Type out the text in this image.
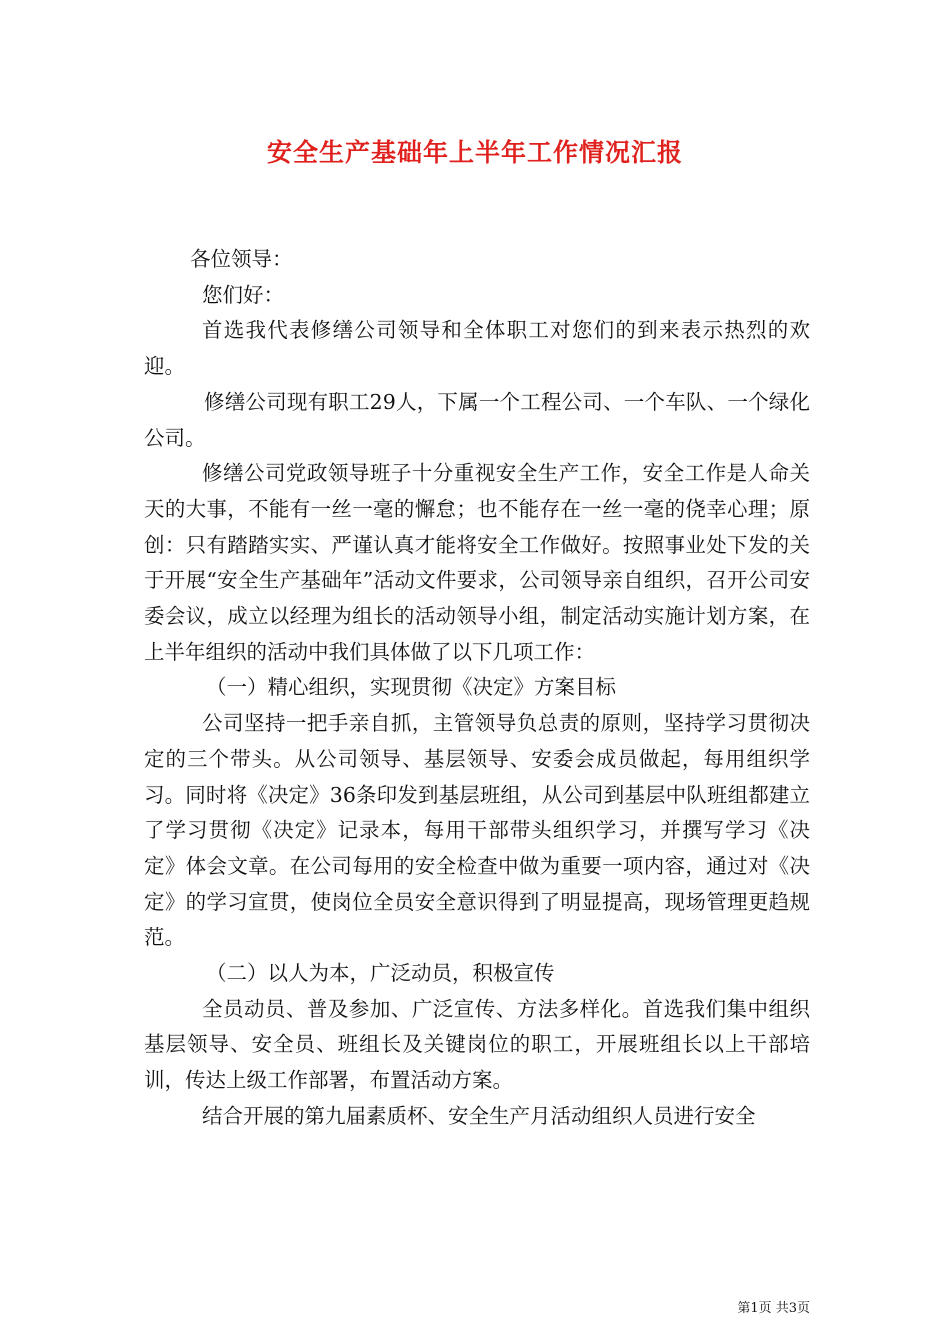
安全生产基础年上半年工作情况汇报

各位领导：

您们好：

首选我代表修缮公司领导和全体职工对您们的到来表示热烈的欢迎。

修缮公司现有职工29人，下属一个工程公司、一个车队、一个绿化公司。

修缮公司党政领导班子十分重视安全生产工作，安全工作是人命关天的大事，不能有一丝一毫的懈怠；也不能存在一丝一毫的侥幸心理；原创：只有踏踏实实、严谨认真才能将安全工作做好。按照事业处下发的关于开展“安全生产基础年”活动文件要求，公司领导亲自组织，召开公司安委会议，成立以经理为组长的活动领导小组，制定活动实施计划方案，在上半年组织的活动中我们具体做了以下几项工作：

（一）精心组织，实现贯彻《决定》方案目标

公司坚持一把手亲自抓，主管领导负总责的原则，坚持学习贯彻决定的三个带头。从公司领导、基层领导、安委会成员做起，每用组织学习。同时将《决定》36条印发到基层班组，从公司到基层中队班组都建立了学习贯彻《决定》记录本，每用干部带头组织学习，并撰写学习《决定》体会文章。在公司每用的安全检查中做为重要一项内容，通过对《决定》的学习宣贯，使岗位全员安全意识得到了明显提高，现场管理更趋规范。

（二）以人为本，广泛动员，积极宣传

全员动员、普及参加、广泛宣传、方法多样化。首选我们集中组织基层领导、安全员、班组长及关键岗位的职工，开展班组长以上干部培训，传达上级工作部署，布置活动方案。

结合开展的第九届素质杯、安全生产月活动组织人员进行安全

第1页 共3页
